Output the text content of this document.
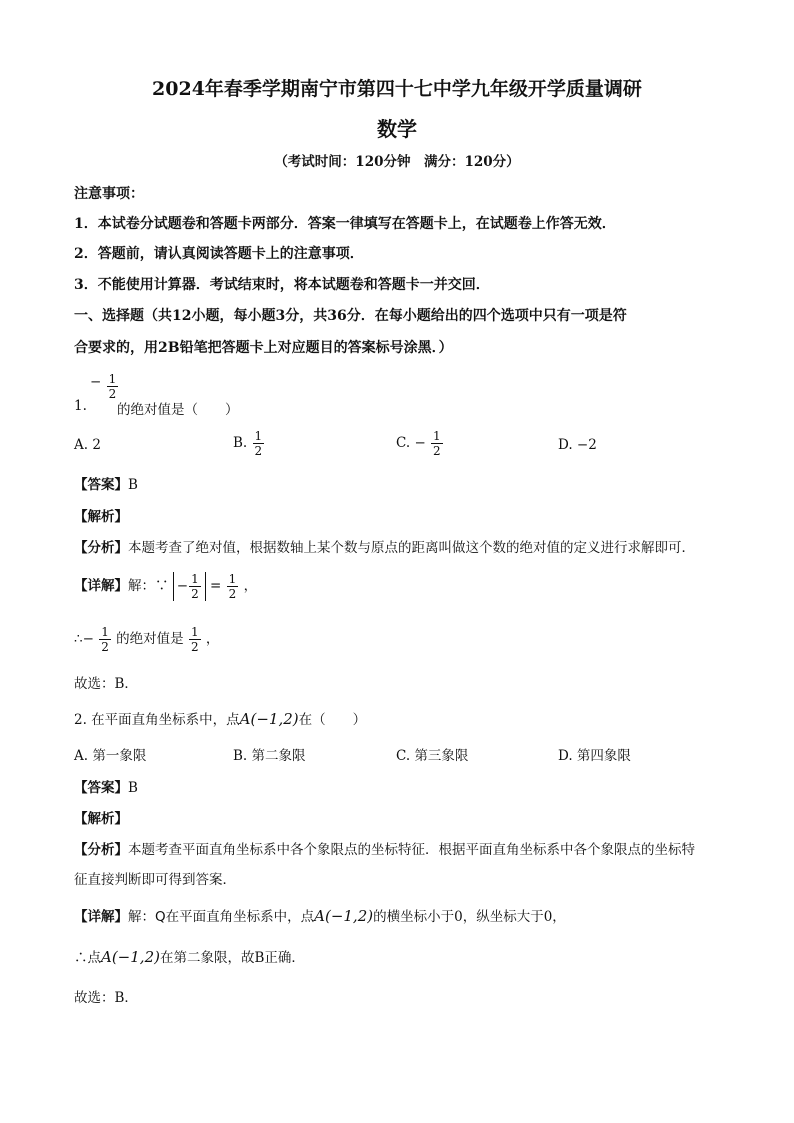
2024年春季学期南宁市第四十七中学九年级开学质量调研
数学
（考试时间：120分钟　满分：120分）
注意事项：
1．本试卷分试题卷和答题卡两部分．答案一律填写在答题卡上，在试题卷上作答无效．
2．答题前，请认真阅读答题卡上的注意事项．
3．不能使用计算器．考试结束时，将本试题卷和答题卡一并交回．
一、选择题（共12小题，每小题3分，共36分．在每小题给出的四个选项中只有一项是符
合要求的，用2B铅笔把答题卡上对应题目的答案标号涂黑．）
1.
− $\frac{1}{2}$
的绝对值是（　　）
A. 2	B. $\frac{1}{2}$	C. − $\frac{1}{2}$	D. −2
【答案】B
【解析】
【分析】本题考查了绝对值，根据数轴上某个数与原点的距离叫做这个数的绝对值的定义进行求解即可．
【详解】解：∵ − $\frac{1}{2} = \frac{1}{2}$ ，
∴− $\frac{1}{2}$ 的绝对值是 $\frac{1}{2}$ ，
故选：B．
2. 在平面直角坐标系中，点A(−1,2)在（　　）
A. 第一象限	B. 第二象限	C. 第三象限	D. 第四象限
【答案】B
【解析】
【分析】本题考查平面直角坐标系中各个象限点的坐标特征．根据平面直角坐标系中各个象限点的坐标特
征直接判断即可得到答案．
【详解】解：Q在平面直角坐标系中，点A(−1,2)的横坐标小于0，纵坐标大于0，
∴点A(−1,2)在第二象限，故B正确．
故选：B．
